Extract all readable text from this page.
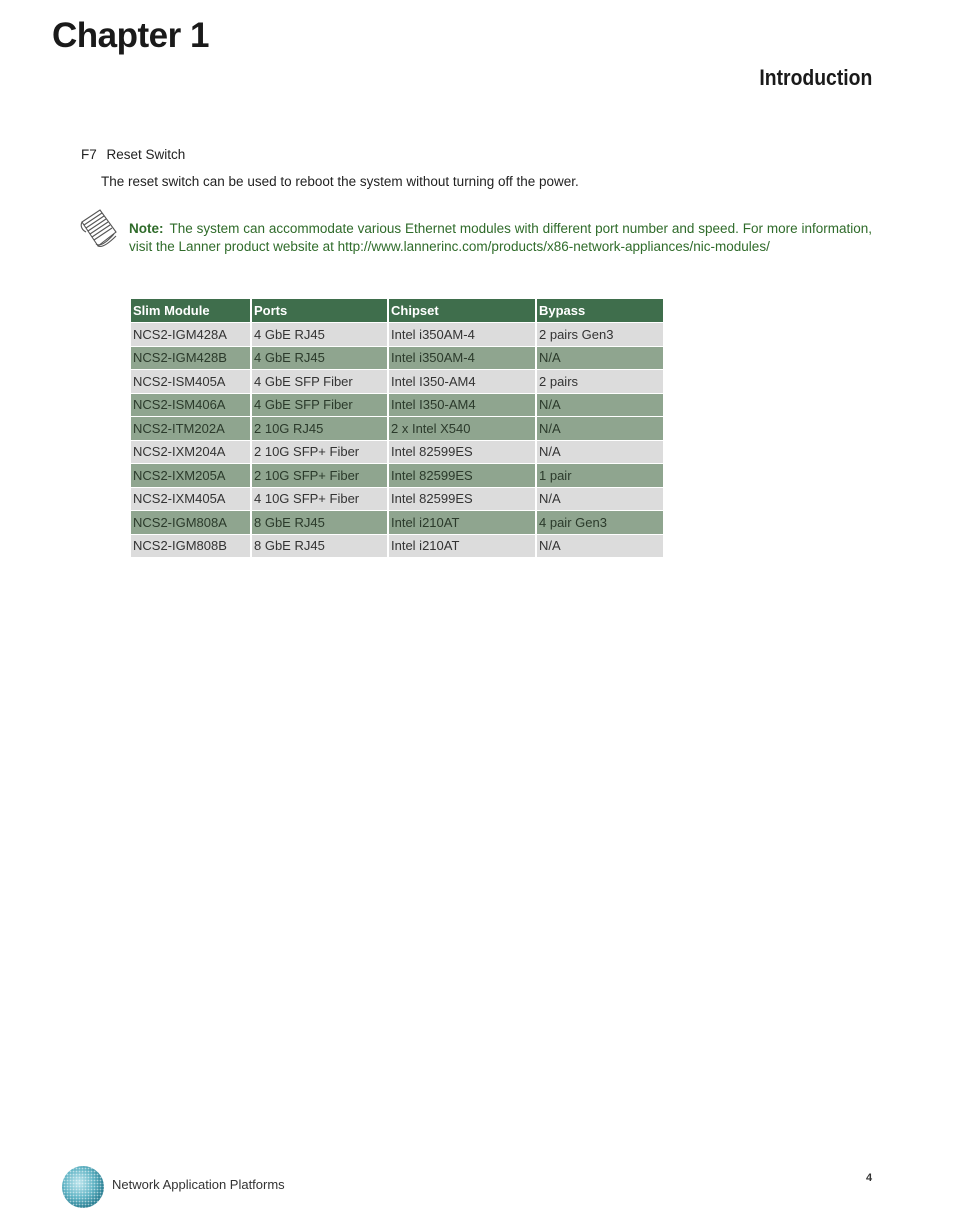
Chapter 1
Introduction
F7 Reset Switch
The reset switch can be used to reboot the system without turning off the power.
Note: The system can accommodate various Ethernet modules with different port number and speed. For more information, visit the Lanner product website at http://www.lannerinc.com/products/x86-network-appliances/nic-modules/
Slim Module	Ports	Chipset	Bypass
NCS2-IGM428A	4 GbE RJ45	Intel i350AM-4	2 pairs Gen3
NCS2-IGM428B	4 GbE RJ45	Intel i350AM-4	N/A
NCS2-ISM405A	4 GbE SFP Fiber	Intel I350-AM4	2 pairs
NCS2-ISM406A	4 GbE SFP Fiber	Intel I350-AM4	N/A
NCS2-ITM202A	2 10G RJ45	2 x Intel X540	N/A
NCS2-IXM204A	2 10G SFP+ Fiber	Intel 82599ES	N/A
NCS2-IXM205A	2 10G SFP+ Fiber	Intel 82599ES	1 pair
NCS2-IXM405A	4 10G SFP+ Fiber	Intel 82599ES	N/A
NCS2-IGM808A	8 GbE RJ45	Intel i210AT	4 pair Gen3
NCS2-IGM808B	8 GbE RJ45	Intel i210AT	N/A
Network Application Platforms	4
